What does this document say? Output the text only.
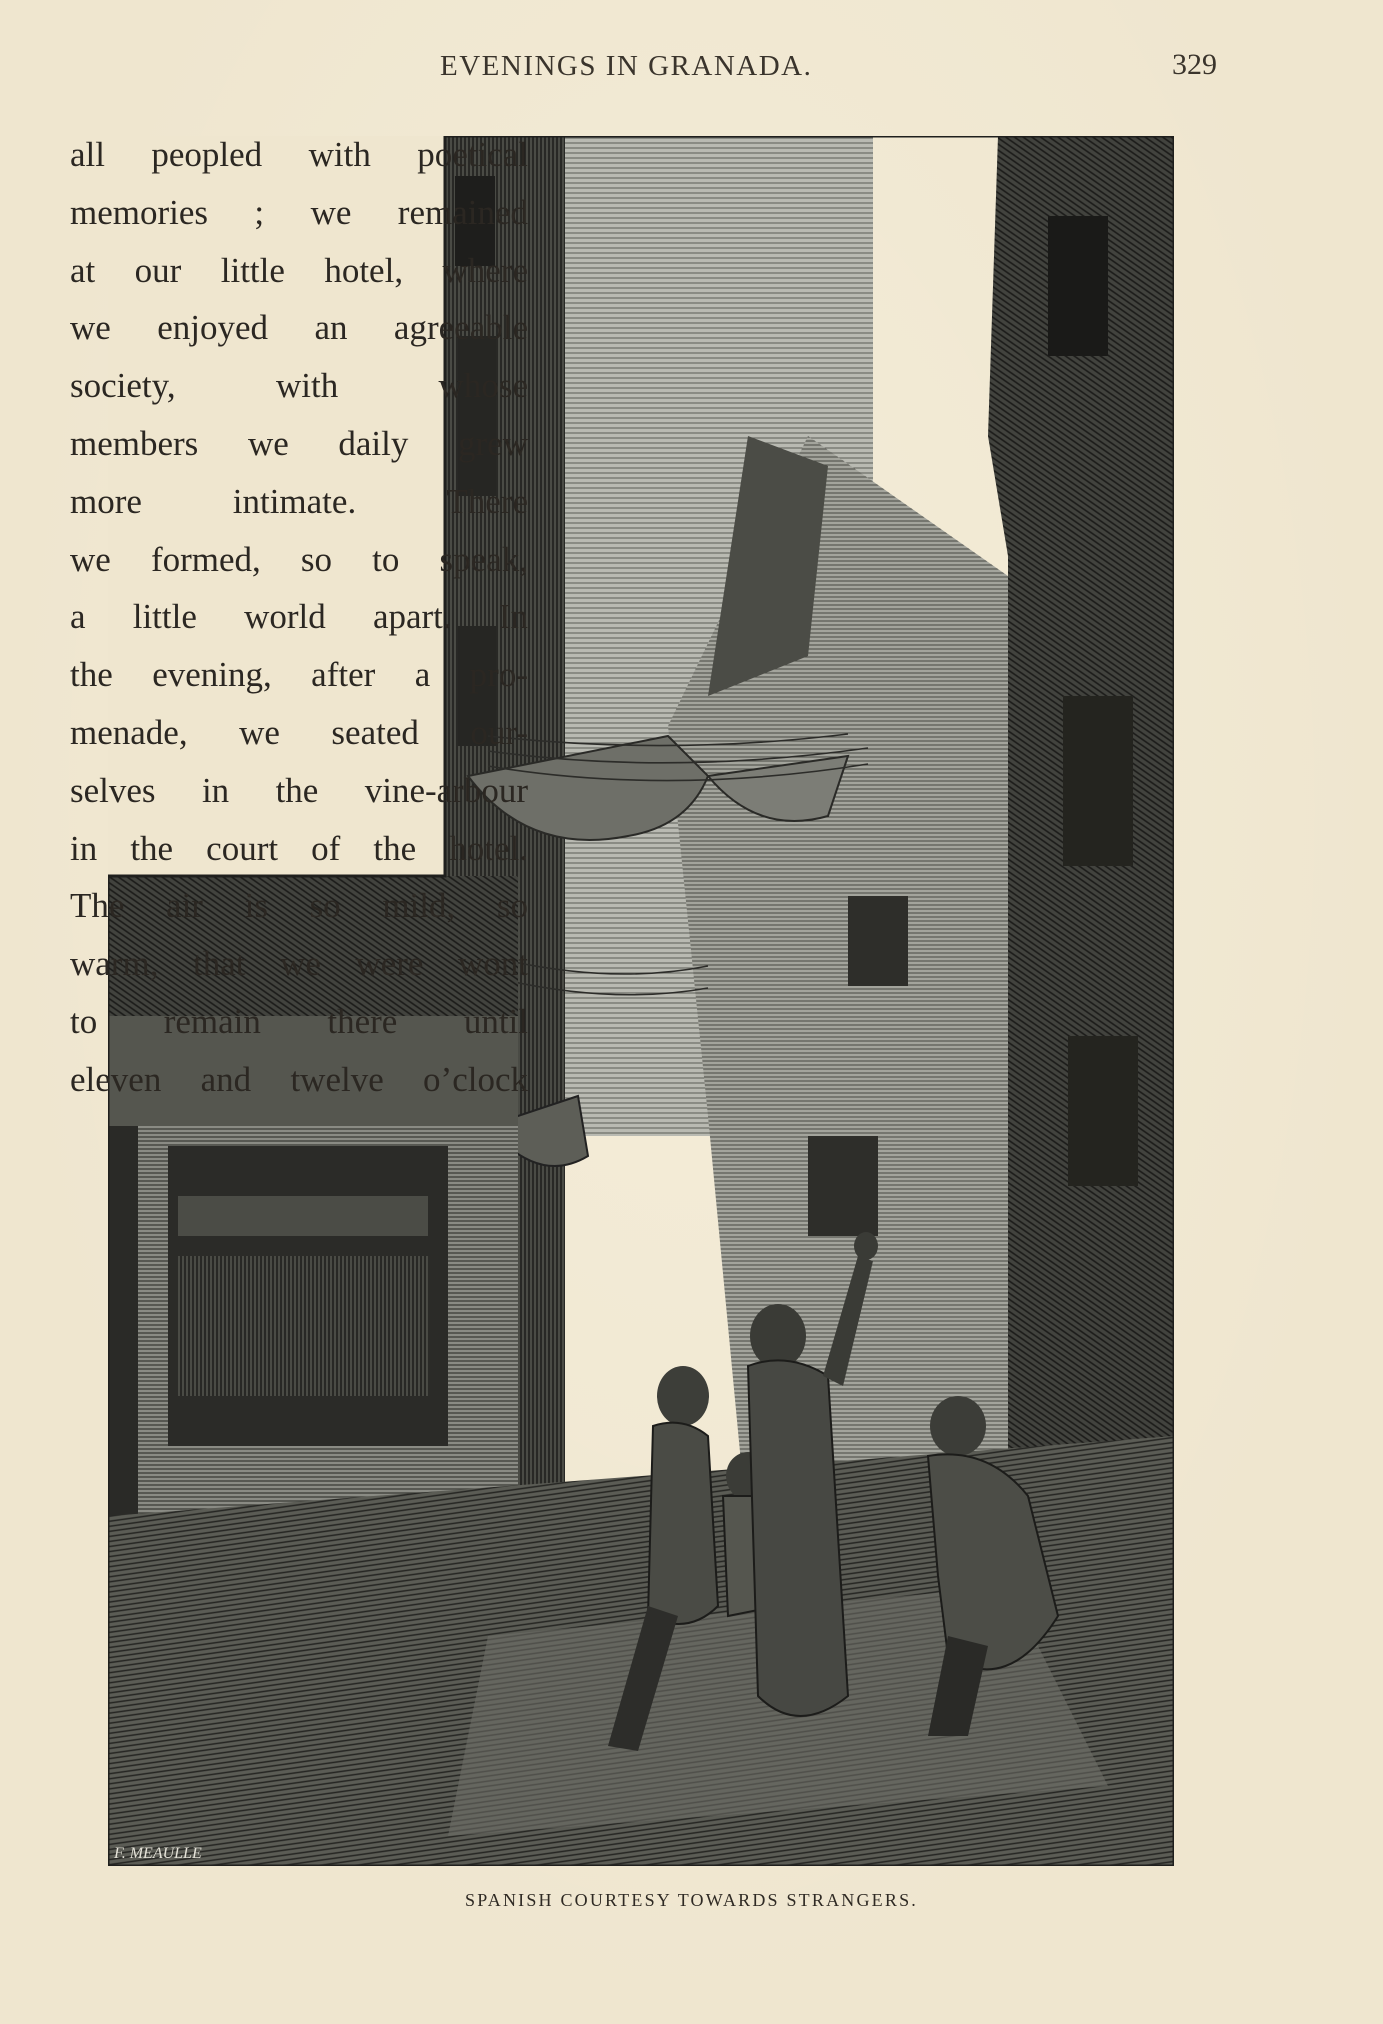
EVENINGS IN GRANADA.	329
F. MEAULLE
all peopled with poetical
memories ; we remained
at our little hotel, where
we enjoyed an agreeable
society, with whose
members we daily grew
more intimate. There
we formed, so to speak,
a little world apart. In
the evening, after a pro-
menade, we seated our-
selves in the vine-arbour
in the court of the hotel.
The air is so mild, so
warm, that we were wont
to remain there until
eleven and twelve o’clock
SPANISH COURTESY TOWARDS STRANGERS.
